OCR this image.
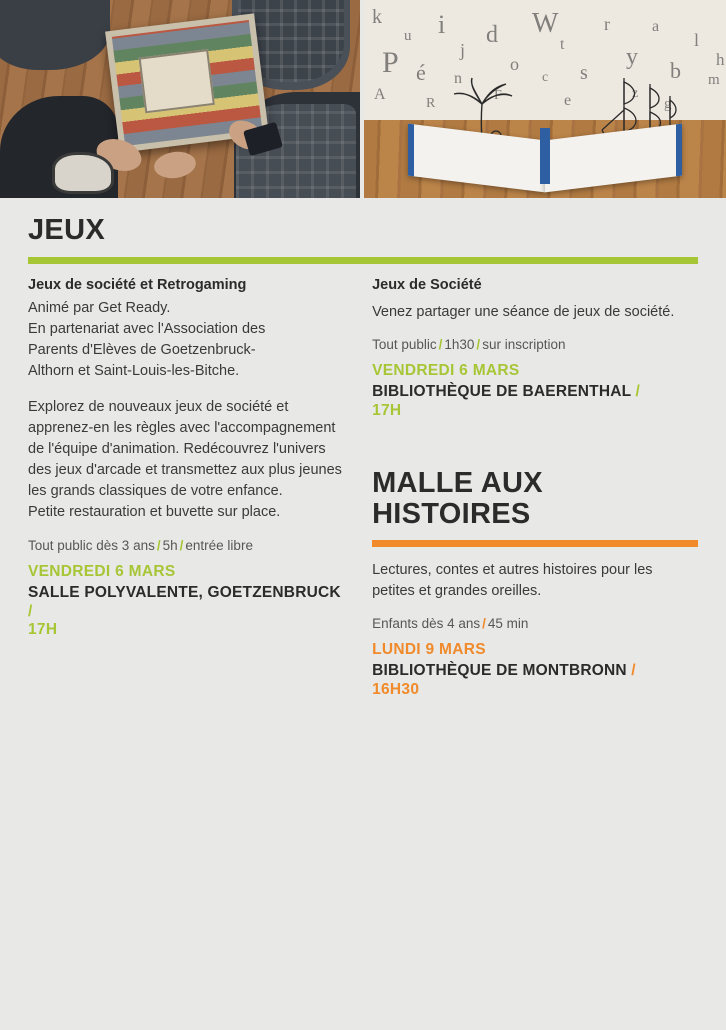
k
u i
j
P é n
d
o
W
t
s
r
y
a
b
l
m
F	e	z
A
R	g
h
c
JEUX
Jeux de société et Retrogaming
Animé par Get Ready.
En partenariat avec l'Association des
Parents d'Elèves de Goetzenbruck-
Althorn et Saint-Louis-les-Bitche.
Explorez de nouveaux jeux de société et apprenez-en les règles avec l'accompagnement de l'équipe d'animation. Redécouvrez l'univers des jeux d'arcade et transmettez aux plus jeunes les grands classiques de votre enfance.
Petite restauration et buvette sur place.
Tout public dès 3 ans / 5h / entrée libre
VENDREDI 6 MARS
SALLE POLYVALENTE, GOETZENBRUCK /
17H
Jeux de Société
Venez partager une séance de jeux de société.
Tout public / 1h30 / sur inscription
VENDREDI 6 MARS
BIBLIOTHÈQUE DE BAERENTHAL /
17H
MALLE AUX HISTOIRES
Lectures, contes et autres histoires pour les petites et grandes oreilles.
Enfants dès 4 ans / 45 min
LUNDI 9 MARS
BIBLIOTHÈQUE DE MONTBRONN /
16H30
